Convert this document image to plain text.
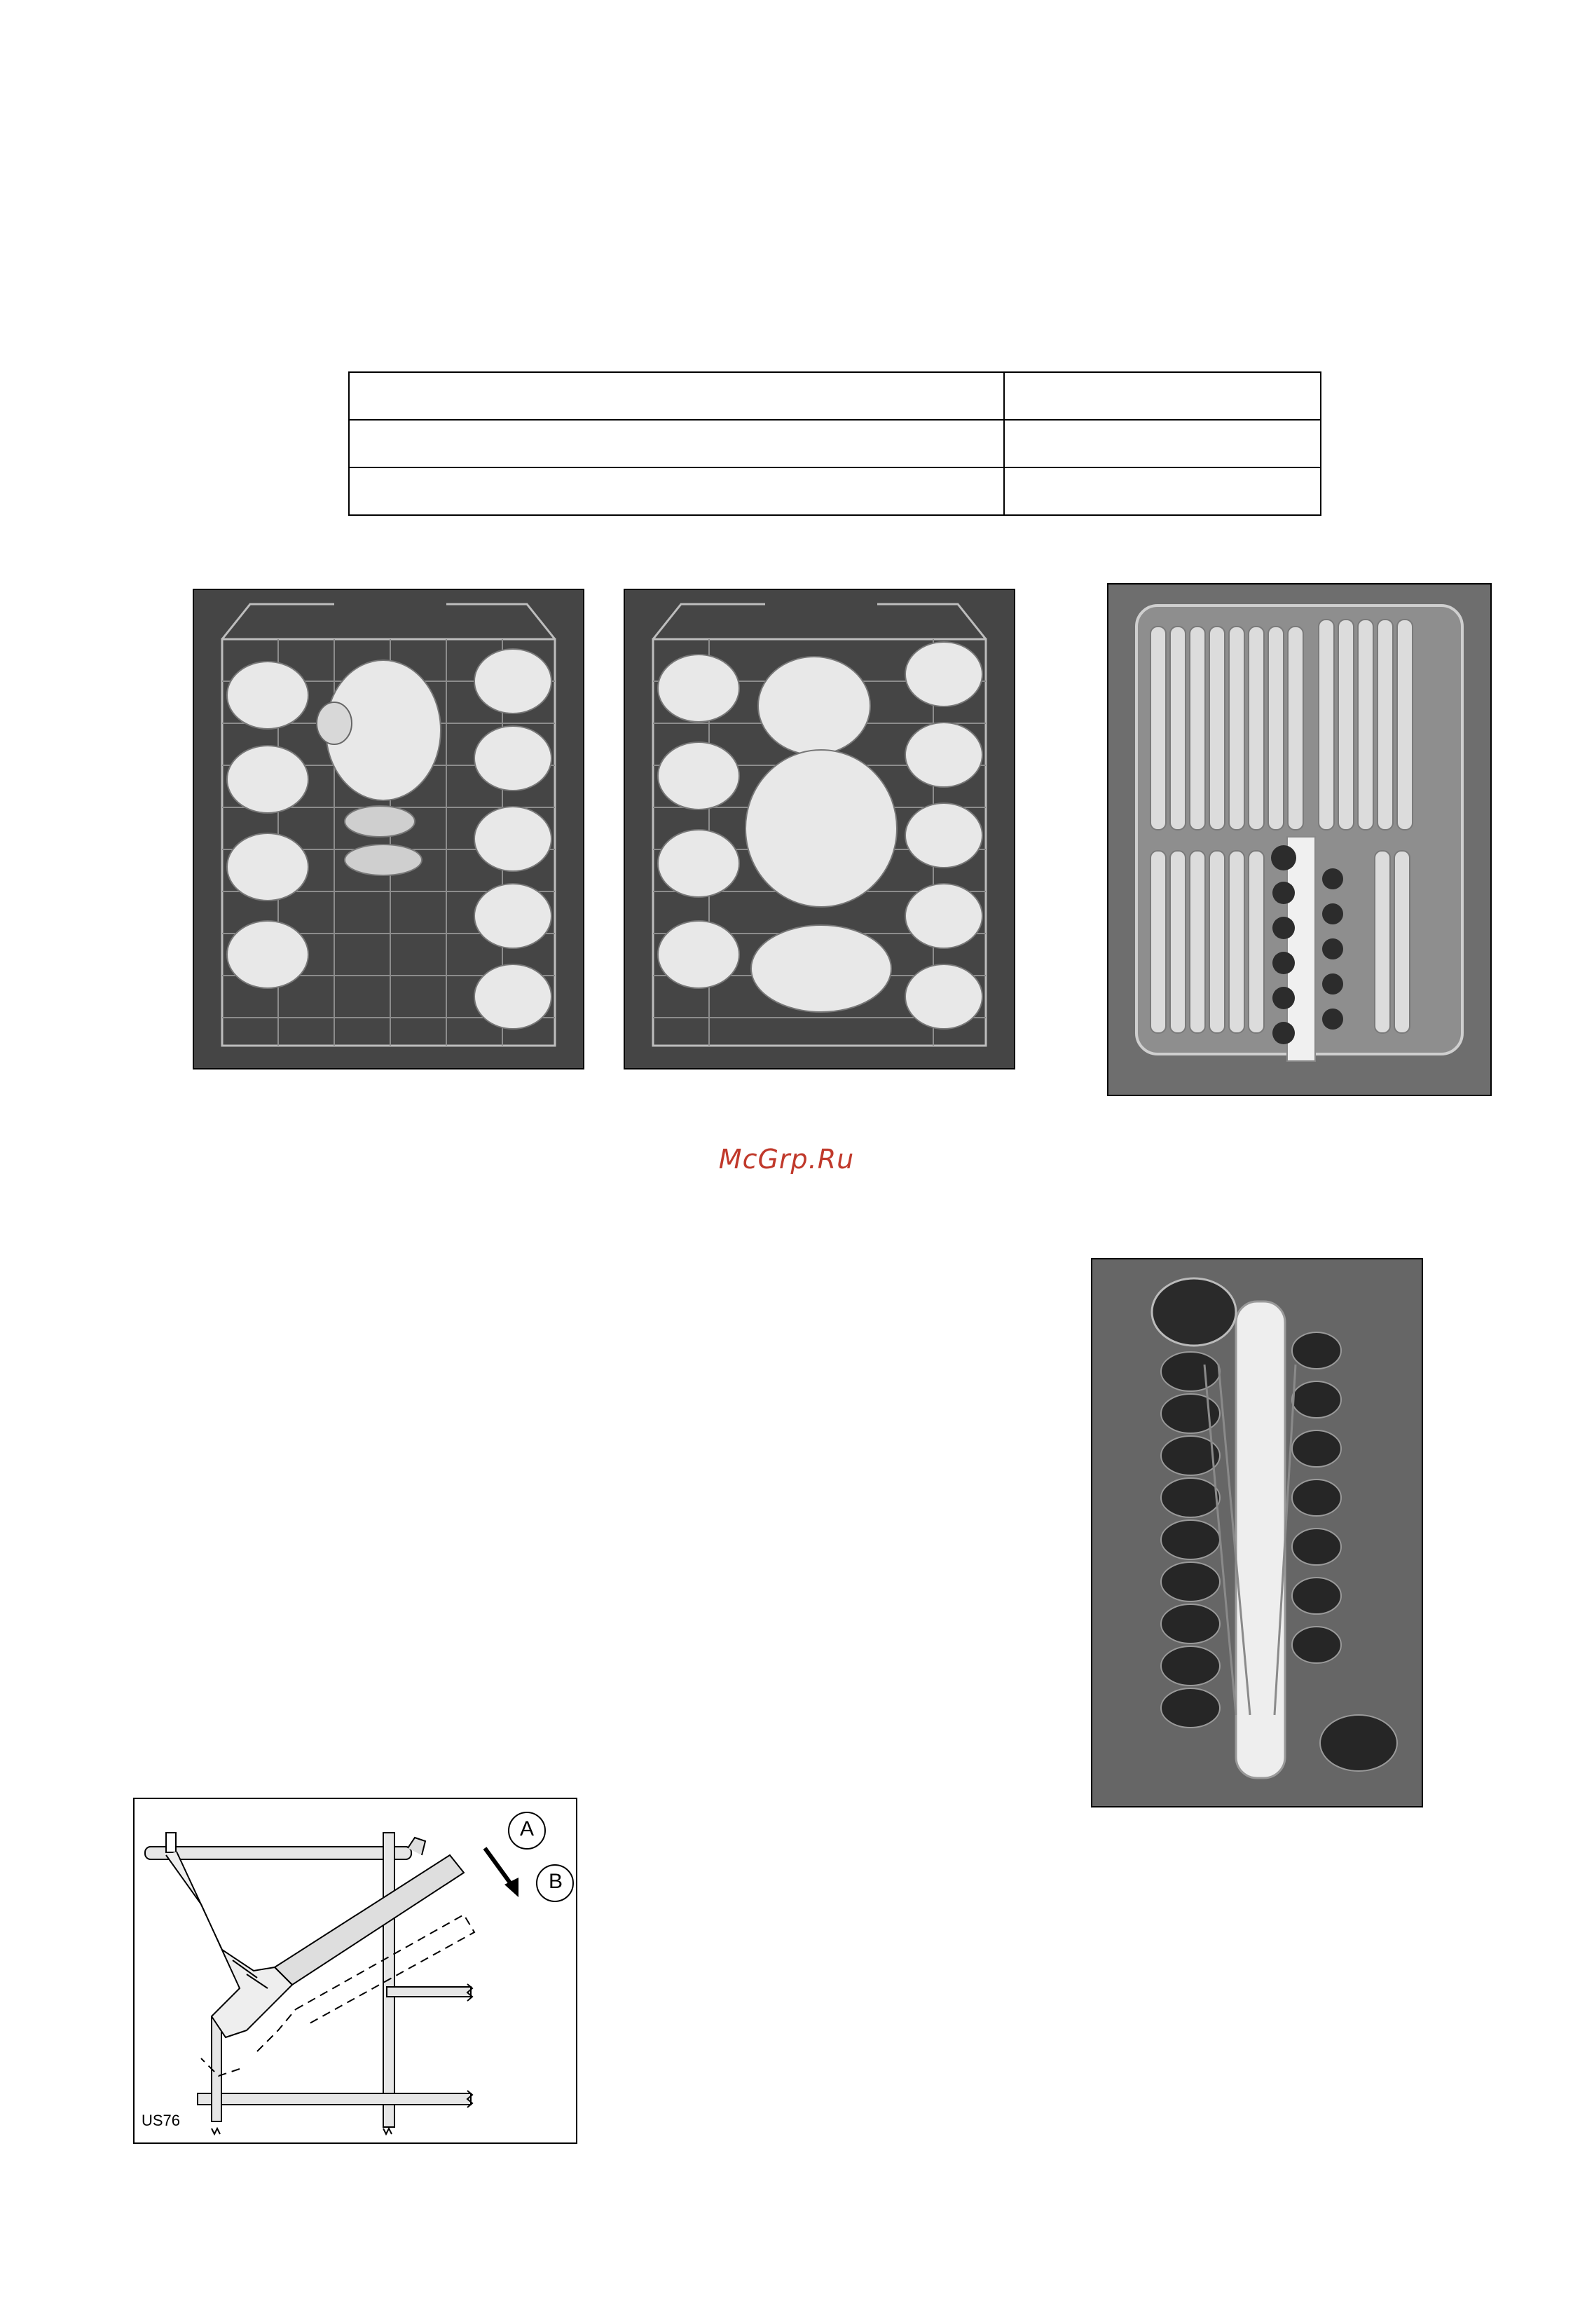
McGrp.Ru
A
B
US76
